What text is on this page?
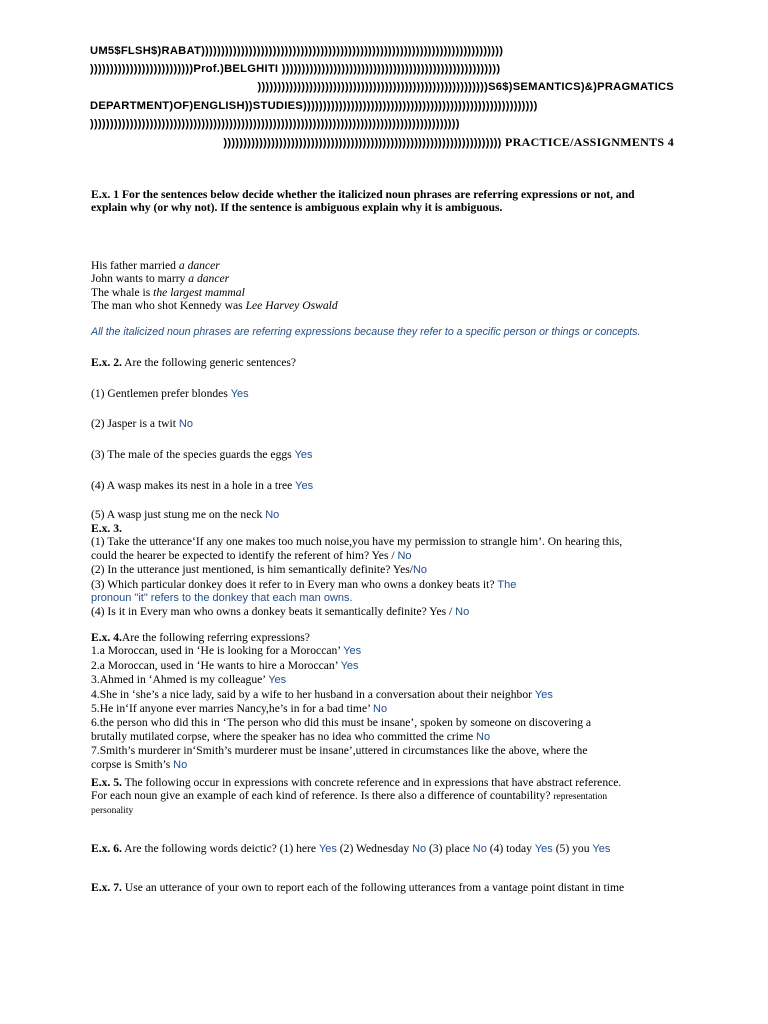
UM5$FLSH$)RABAT))))))))))))))))))))))))))))))))))))))))))))))))))))))))))))))))))))))))))))
))))))))))))))))))))))))))Prof.)BELGHITI )))))))))))))))))))))))))))))))))))))))))))))))))))))))
))))))))))))))))))))))))))))))))))))))))))))))))))))))))))S6$)SEMANTICS)&)PRAGMATICS
DEPARTMENT)OF)ENGLISH))STUDIES)))))))))))))))))))))))))))))))))))))))))))))))))))))))))))
)))))))))))))))))))))))))))))))))))))))))))))))))))))))))))))))))))))))))))))))))))))))))))))
)))))))))))))))))))))))))))))))))))))))))))))))))))))))))))))))))))))) PRACTICE/ASSIGNMENTS 4
E.x. 1 For the sentences below decide whether the italicized noun phrases are referring expressions or not, and
explain why (or why not). If the sentence is ambiguous explain why it is ambiguous.
His father married a dancer
John wants to marry a dancer
The whale is the largest mammal
The man who shot Kennedy was Lee Harvey Oswald
All the italicized noun phrases are referring expressions because they refer to a specific person or things or concepts.
E.x. 2. Are the following generic sentences?
(1) Gentlemen prefer blondes Yes
(2) Jasper is a twit No
(3) The male of the species guards the eggs Yes
(4) A wasp makes its nest in a hole in a tree Yes
(5) A wasp just stung me on the neck No
E.x. 3.
(1) Take the utterance‘If any one makes too much noise,you have my permission to strangle him’. On hearing this,
could the hearer be expected to identify the referent of him? Yes / No
(2) In the utterance just mentioned, is him semantically definite? Yes/No
(3) Which particular donkey does it refer to in Every man who owns a donkey beats it? The
pronoun "it" refers to the donkey that each man owns.
(4) Is it in Every man who owns a donkey beats it semantically definite? Yes / No
E.x. 4.Are the following referring expressions?
1.a Moroccan, used in ‘He is looking for a Moroccan’ Yes
2.a Moroccan, used in ‘He wants to hire a Moroccan’ Yes
3.Ahmed in ‘Ahmed is my colleague’ Yes
4.She in ‘she’s a nice lady, said by a wife to her husband in a conversation about their neighbor Yes
5.He in‘If anyone ever marries Nancy,he’s in for a bad time’ No
6.the person who did this in ‘The person who did this must be insane’, spoken by someone on discovering a
brutally mutilated corpse, where the speaker has no idea who committed the crime No
7.Smith’s murderer in‘Smith’s murderer must be insane’,uttered in circumstances like the above, where the
corpse is Smith’s No
E.x. 5. The following occur in expressions with concrete reference and in expressions that have abstract reference.
For each noun give an example of each kind of reference. Is there also a difference of countability? representation
personality
E.x. 6. Are the following words deictic? (1) here Yes (2) Wednesday No (3) place No (4) today Yes (5) you Yes
E.x. 7. Use an utterance of your own to report each of the following utterances from a vantage point distant in time
